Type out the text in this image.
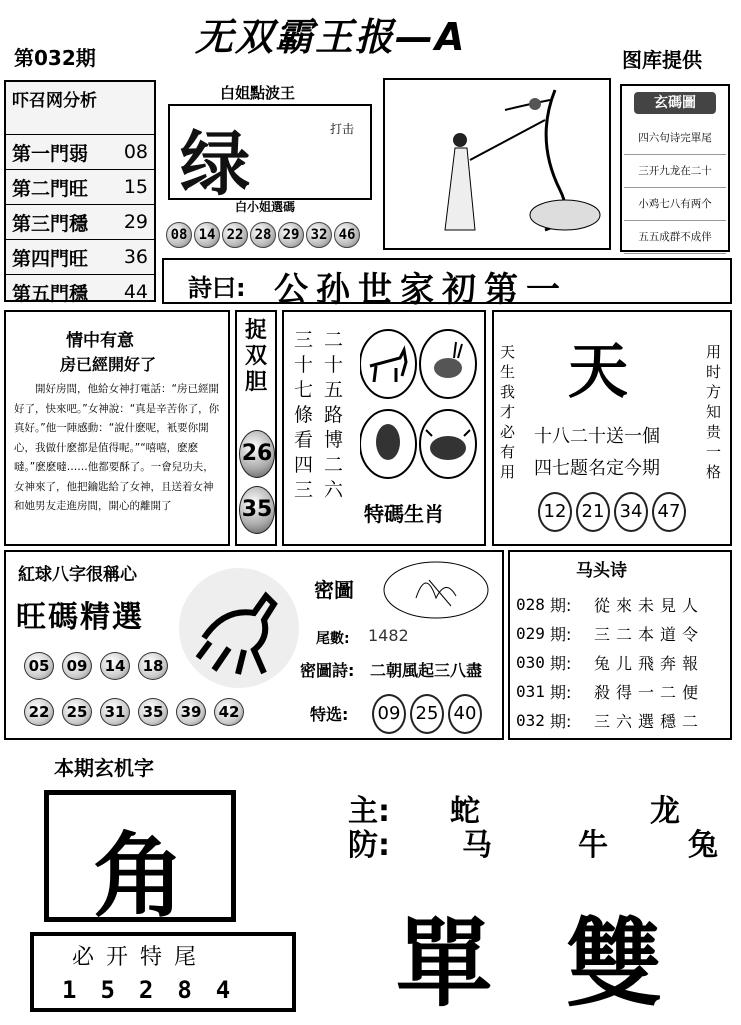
无双霸王报—A
第032期	图库提供
吓召网分析
第一門弱 08
第二門旺 15
第三門穩 29
第四門旺 36
第五門穩 44
白姐點波王
绿	打击
白小姐選碼
08 14 22 28 29 32 46
玄碼圖
四六句诗完單尾
三开九龙在二十
小鸡七八有两个
五五成群不成伴
詩曰: 公孙世家初第一
情中有意
房已經開好了
開好房間，他給女神打電話：“房已經開好了，快來吧。”女神說：“真是辛苦你了，你真好。”他一陣感動：“說什麽呢，衹要你開心，我做什麽都是值得呢。”“嘻嘻，麽麽噠。”麽麽噠……他都要酥了。一會兒功夫，女神來了，他把鑰匙給了女神，且送着女神和她男友走進房間，開心的離開了
捉双胆
26
35
三十七條看四三
二十五路博二六
特碼生肖
天
天生我才必有用
用时方知贵一格
十八二十送一個
四七题名定今期
12 21 34 47
紅球八字很稱心
旺碼精選
05 09 14 18
22 25 31 35 39 42
密圖
尾數: 1482
密圖詩: 二朝風起三八盡
特选:	09 25 40
马头诗
028 期:	從來未見人
029 期:	三二本道令
030 期:	兔儿飛奔報
031 期:	殺得一二便
032 期:	三六選穩二
本期玄机字
角
必开特尾
15284
主: 蛇	龙
防: 马	牛	兔
單 雙
